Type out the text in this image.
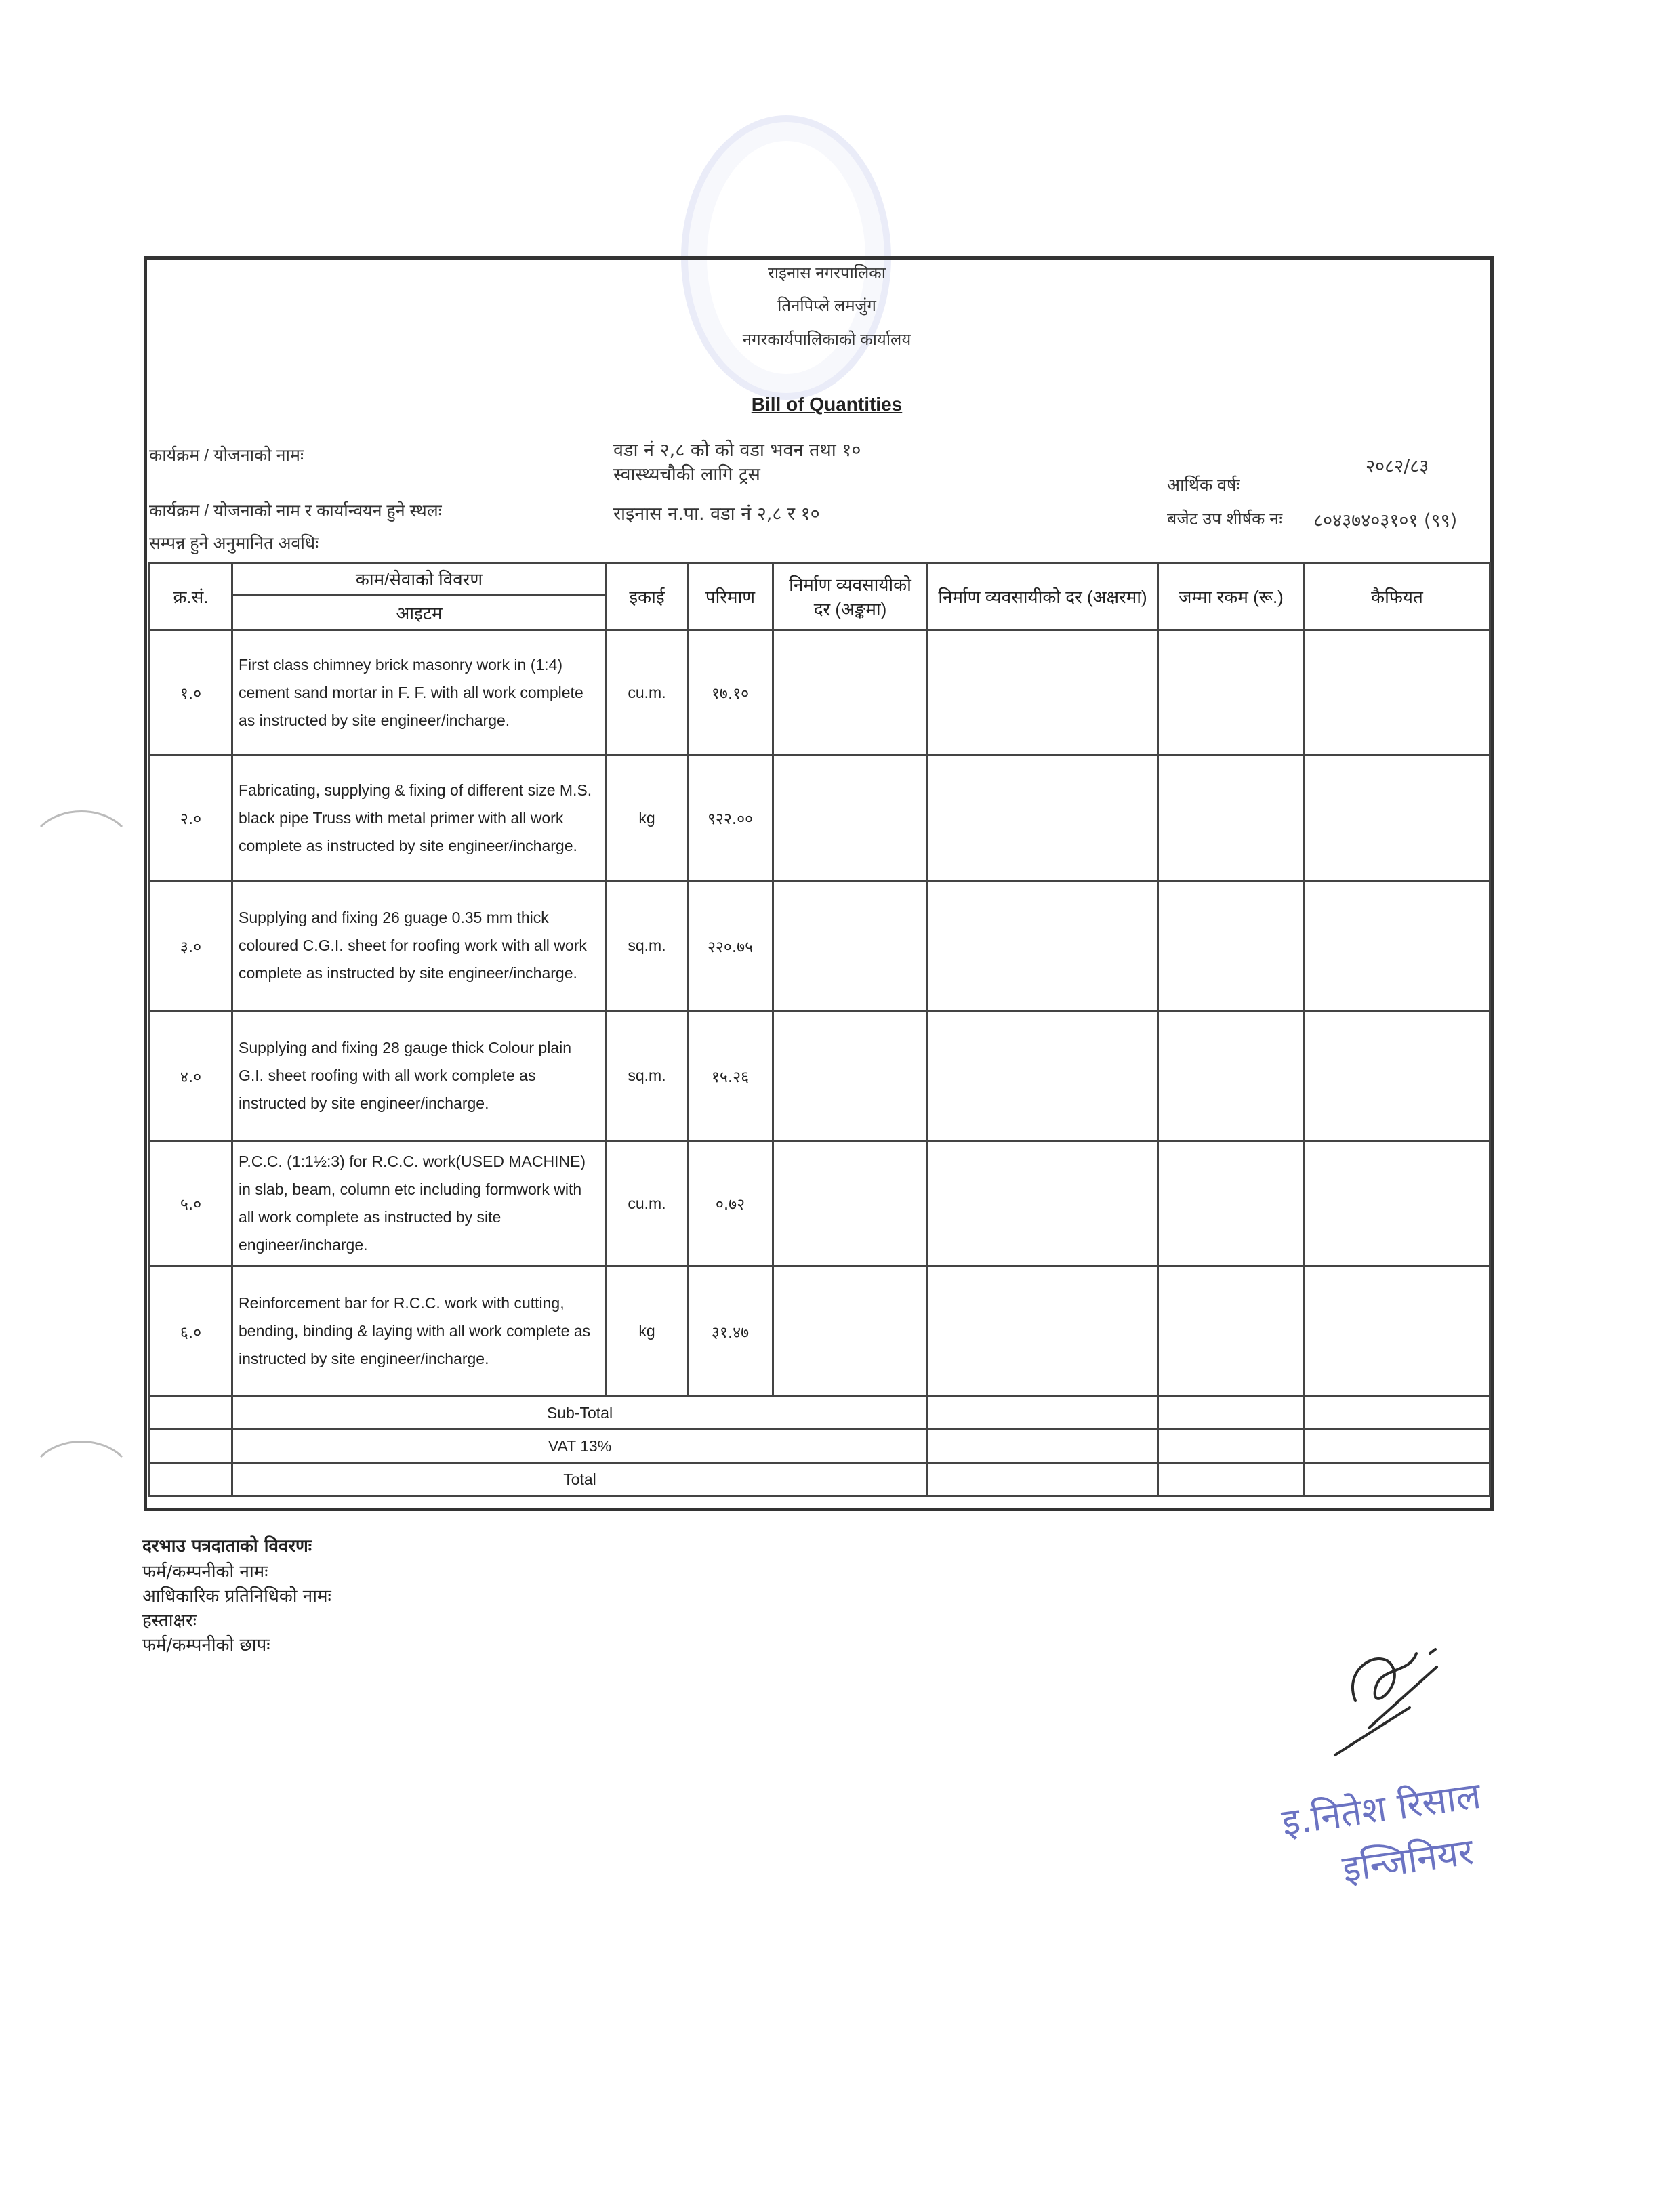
राइनास नगरपालिका
तिनपिप्ले लमजुंग
नगरकार्यपालिकाको कार्यालय
Bill of Quantities
कार्यक्रम / योजनाको नामः	वडा नं २,८ को को वडा भवन तथा १०
स्वास्थ्यचौकी लागि ट्रस
कार्यक्रम / योजनाको नाम र कार्यान्वयन हुने स्थलः	राइनास न.पा. वडा नं २,८ र १०
सम्पन्न हुने अनुमानित अवधिः
आर्थिक वर्षः
२०८२/८३
बजेट उप शीर्षक नः ८०४३७४०३१०१ (९९)
क्र.सं.	काम/सेवाको विवरण	इकाई	परिमाण	निर्माण व्यवसायीको दर (अङ्कमा)	निर्माण व्यवसायीको दर (अक्षरमा)	जम्मा रकम (रू.)	कैफियत
	आइटम						
१.०	First class chimney brick masonry work in (1:4) cement sand mortar in F. F. with all work complete as instructed by site engineer/incharge.	cu.m.	१७.१०				
२.०	Fabricating, supplying & fixing of different size M.S. black pipe Truss with metal primer with all work complete as instructed by site engineer/incharge.	kg	९२२.००				
३.०	Supplying and fixing 26 guage 0.35 mm thick coloured C.G.I. sheet for roofing work with all work complete as instructed by site engineer/incharge.	sq.m.	२२०.७५				
४.०	Supplying and fixing 28 gauge thick Colour plain G.I. sheet roofing with all work complete as instructed by site engineer/incharge.	sq.m.	१५.२६				
५.०	P.C.C. (1:1½:3) for R.C.C. work(USED MACHINE) in slab, beam, column etc including formwork with all work complete as instructed by site engineer/incharge.	cu.m.	०.७२				
६.०	Reinforcement bar for R.C.C. work with cutting, bending, binding & laying with all work complete as instructed by site engineer/incharge.	kg	३१.४७				
	Sub-Total						
	VAT 13%						
	Total						
दरभाउ पत्रदाताको विवरणः
फर्म/कम्पनीको नामः
आधिकारिक प्रतिनिधिको नामः
हस्ताक्षरः
फर्म/कम्पनीको छापः
इ.नितेश रिसाल
इन्जिनियर
